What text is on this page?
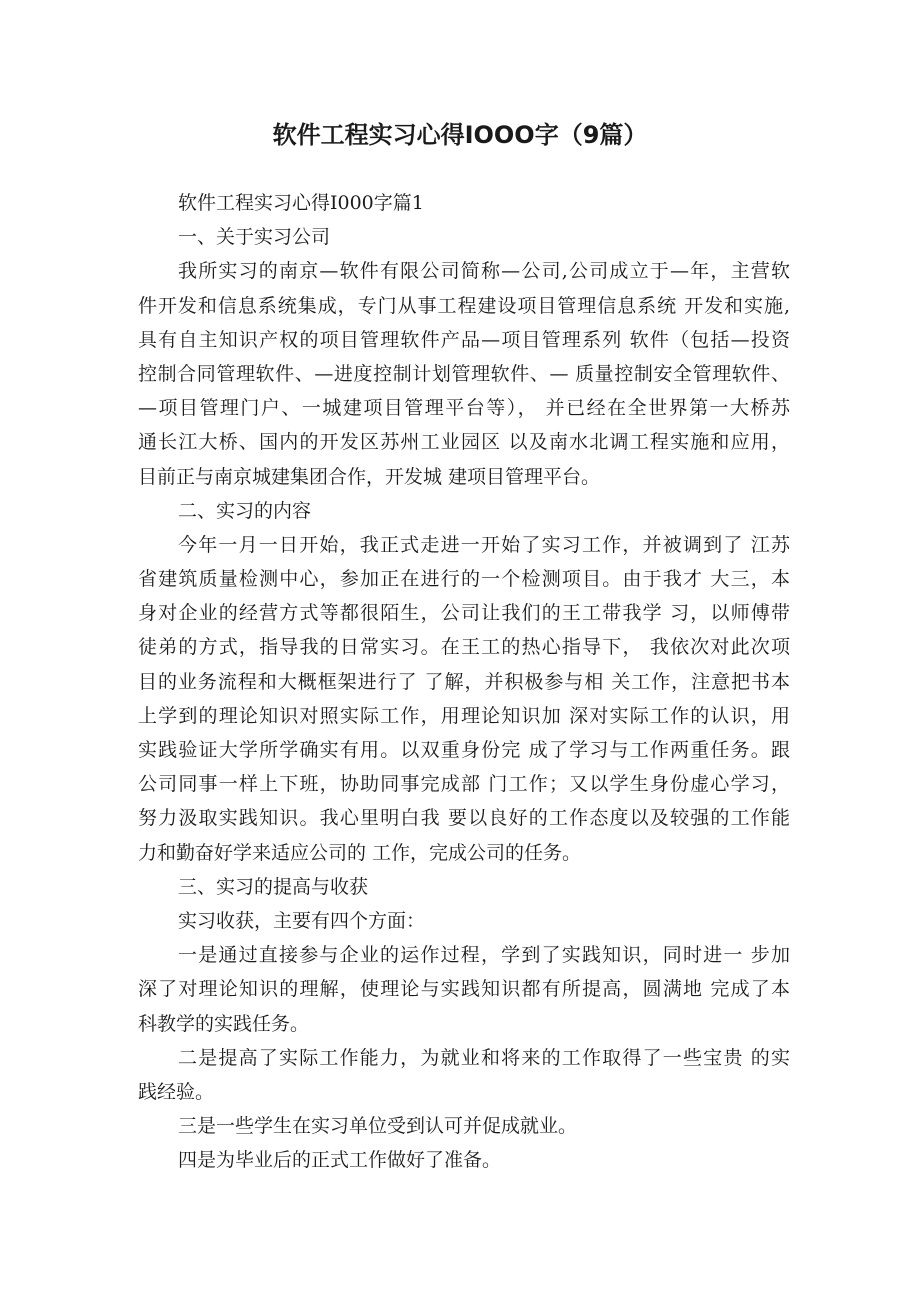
软件工程实习心得IOOO字（9篇）
软件工程实习心得I000字篇1
一、关于实习公司
我所实习的南京—软件有限公司简称—公司,公司成立于—年，主营软
件开发和信息系统集成，专门从事工程建设项目管理信息系统 开发和实施,
具有自主知识产权的项目管理软件产品—项目管理系列 软件（包括—投资
控制合同管理软件、—进度控制计划管理软件、— 质量控制安全管理软件、
—项目管理门户、一城建项目管理平台等）， 并已经在全世界第一大桥苏
通长江大桥、国内的开发区苏州工业园区 以及南水北调工程实施和应用，
目前正与南京城建集团合作，开发城 建项目管理平台。
二、实习的内容
今年一月一日开始，我正式走进一开始了实习工作，并被调到了 江苏
省建筑质量检测中心，参加正在进行的一个检测项目。由于我才 大三，本
身对企业的经营方式等都很陌生，公司让我们的王工带我学 习，以师傅带
徒弟的方式，指导我的日常实习。在王工的热心指导下， 我依次对此次项
目的业务流程和大概框架进行了 了解，并积极参与相 关工作，注意把书本
上学到的理论知识对照实际工作，用理论知识加 深对实际工作的认识，用
实践验证大学所学确实有用。以双重身份完 成了学习与工作两重任务。跟
公司同事一样上下班，协助同事完成部 门工作；又以学生身份虚心学习，
努力汲取实践知识。我心里明白我 要以良好的工作态度以及较强的工作能
力和勤奋好学来适应公司的 工作，完成公司的任务。
三、实习的提高与收获
实习收获，主要有四个方面：
一是通过直接参与企业的运作过程，学到了实践知识，同时进一 步加
深了对理论知识的理解，使理论与实践知识都有所提高，圆满地 完成了本
科教学的实践任务。
二是提高了实际工作能力，为就业和将来的工作取得了一些宝贵 的实
践经验。
三是一些学生在实习单位受到认可并促成就业。
四是为毕业后的正式工作做好了准备。
